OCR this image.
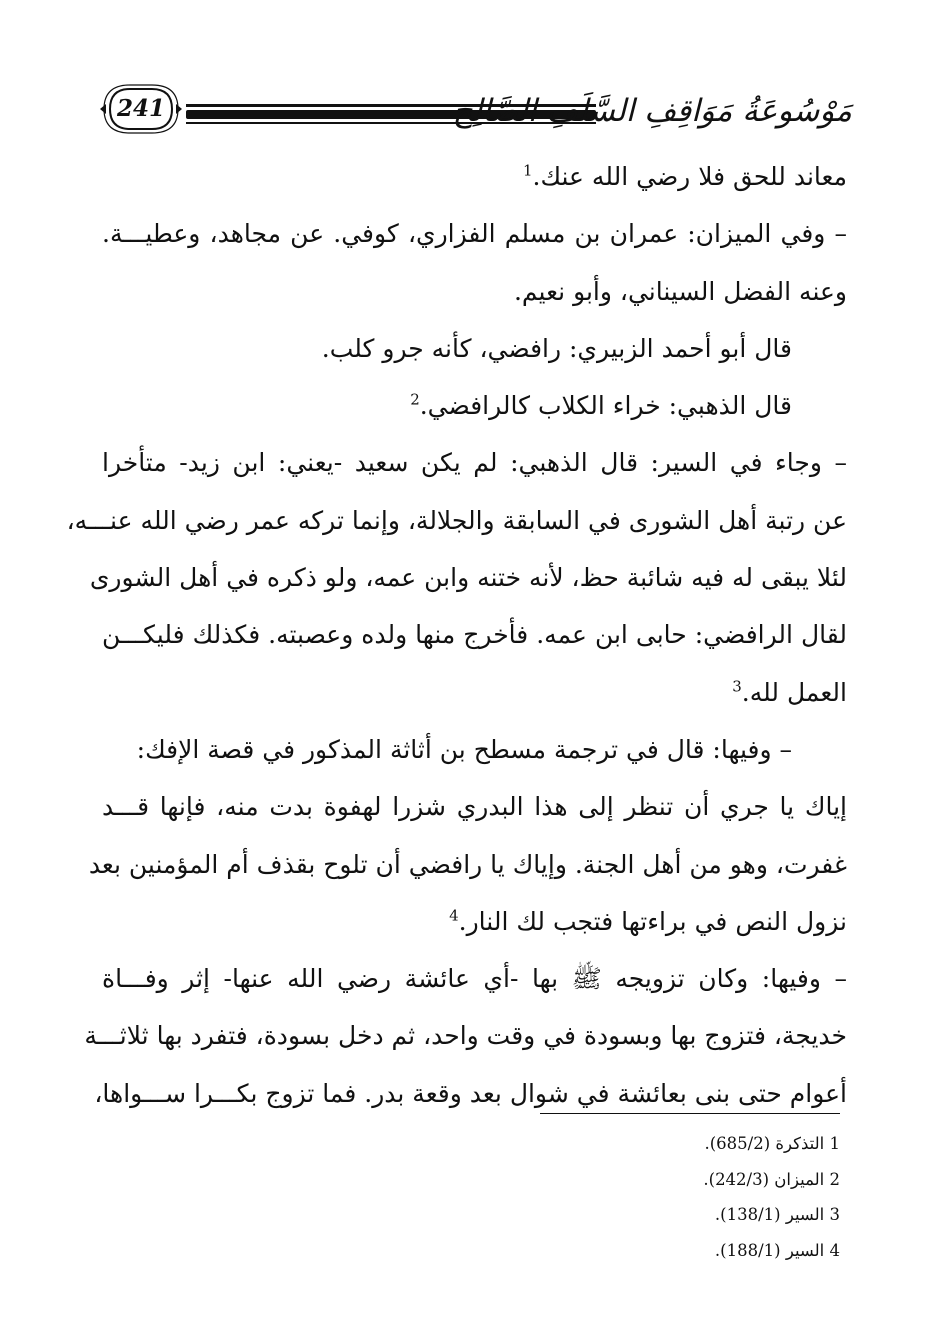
241	مَوْسُوعَةُ مَوَاقِفِ السَّلَفِ الصَّالِح
معاند للحق فلا رضي الله عنك.$^1$
– وفي الميزان: عمران بن مسلم الفزاري، كوفي. عن مجاهد، وعطيـــة.
وعنه الفضل السيناني، وأبو نعيم.
قال أبو أحمد الزبيري: رافضي، كأنه جرو كلب.
قال الذهبي: خراء الكلاب كالرافضي.$^2$
– وجاء في السير: قال الذهبي: لم يكن سعيد -يعني: ابن زيد- متأخرا
عن رتبة أهل الشورى في السابقة والجلالة، وإنما تركه عمر رضي الله عنـــه،
لئلا يبقى له فيه شائبة حظ، لأنه ختنه وابن عمه، ولو ذكره في أهل الشورى
لقال الرافضي: حابى ابن عمه. فأخرج منها ولده وعصبته. فكذلك فليكـــن
العمل لله.$^3$
– وفيها: قال في ترجمة مسطح بن أثاثة المذكور في قصة الإفك:
إياك يا جري أن تنظر إلى هذا البدري شزرا لهفوة بدت منه، فإنها قـــد
غفرت، وهو من أهل الجنة. وإياك يا رافضي أن تلوح بقذف أم المؤمنين بعد
نزول النص في براءتها فتجب لك النار.$^4$
– وفيها: وكان تزويجه ﷺ بها -أي عائشة رضي الله عنها- إثر وفـــاة
خديجة، فتزوج بها وبسودة في وقت واحد، ثم دخل بسودة، فتفرد بها ثلاثـــة
أعوام حتى بنى بعائشة في شوال بعد وقعة بدر. فما تزوج بكـــرا ســـواها،
1 التذكرة (685/2).
2 الميزان (242/3).
3 السير (138/1).
4 السير (188/1).
